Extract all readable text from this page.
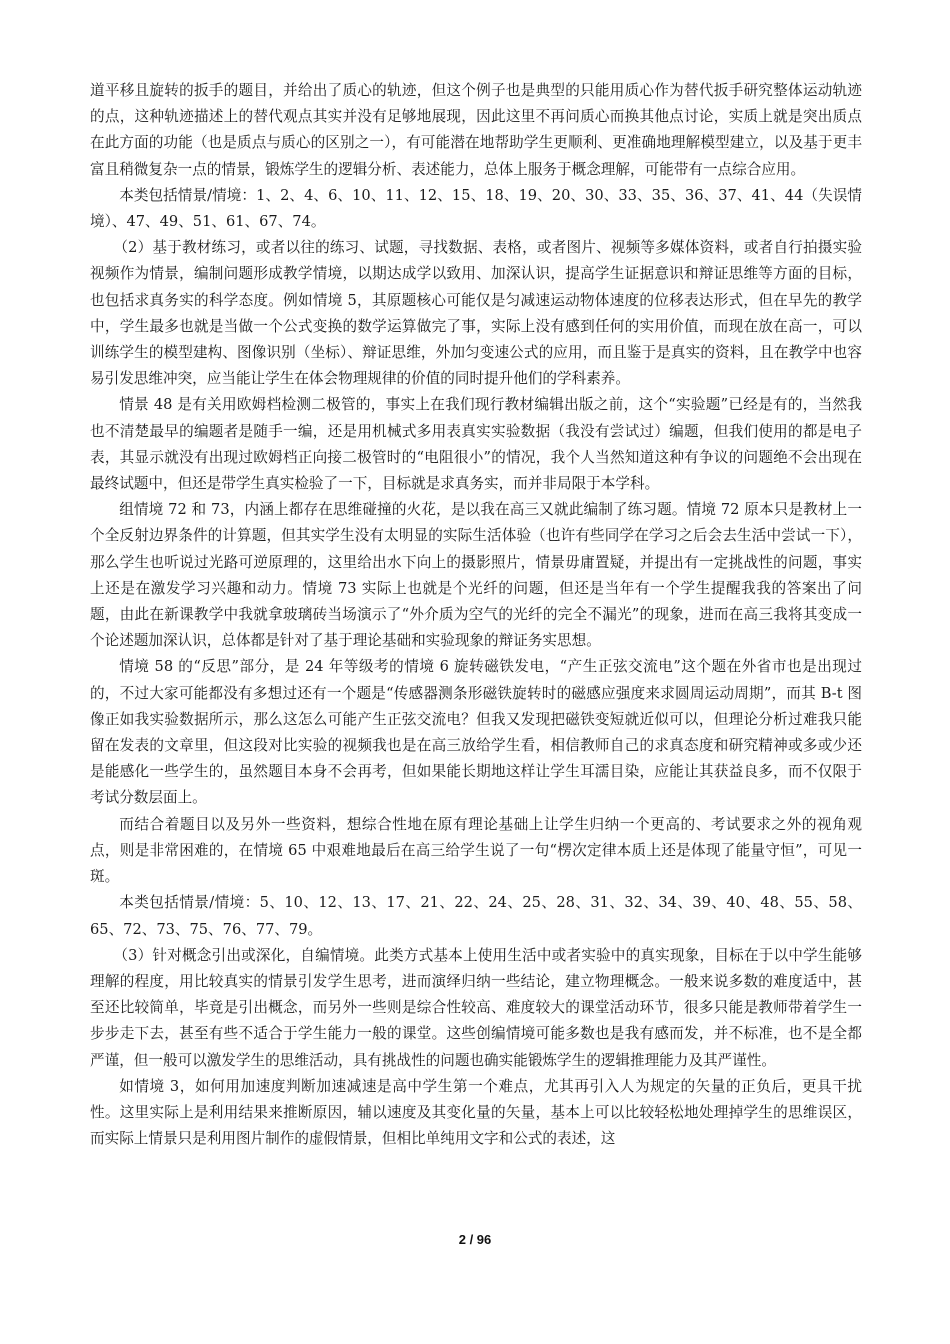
道平移且旋转的扳手的题目，并给出了质心的轨迹，但这个例子也是典型的只能用质心作为替代扳手研究整体运动轨迹的点，这种轨迹描述上的替代观点其实并没有足够地展现，因此这里不再问质心而换其他点讨论，实质上就是突出质点在此方面的功能（也是质点与质心的区别之一），有可能潜在地帮助学生更顺利、更准确地理解模型建立，以及基于更丰富且稍微复杂一点的情景，锻炼学生的逻辑分析、表述能力，总体上服务于概念理解，可能带有一点综合应用。

本类包括情景/情境：1、2、4、6、10、11、12、15、18、19、20、30、33、35、36、37、41、44（失误情境）、47、49、51、61、67、74。

（2）基于教材练习，或者以往的练习、试题，寻找数据、表格，或者图片、视频等多媒体资料，或者自行拍摄实验视频作为情景，编制问题形成教学情境，以期达成学以致用、加深认识，提高学生证据意识和辩证思维等方面的目标，也包括求真务实的科学态度。例如情境 5，其原题核心可能仅是匀减速运动物体速度的位移表达形式，但在早先的教学中，学生最多也就是当做一个公式变换的数学运算做完了事，实际上没有感到任何的实用价值，而现在放在高一，可以训练学生的模型建构、图像识别（坐标）、辩证思维，外加匀变速公式的应用，而且鉴于是真实的资料，且在教学中也容易引发思维冲突，应当能让学生在体会物理规律的价值的同时提升他们的学科素养。

情景 48 是有关用欧姆档检测二极管的，事实上在我们现行教材编辑出版之前，这个“实验题”已经是有的，当然我也不清楚最早的编题者是随手一编，还是用机械式多用表真实实验数据（我没有尝试过）编题，但我们使用的都是电子表，其显示就没有出现过欧姆档正向接二极管时的“电阻很小”的情况，我个人当然知道这种有争议的问题绝不会出现在最终试题中，但还是带学生真实检验了一下，目标就是求真务实，而并非局限于本学科。

组情境 72 和 73，内涵上都存在思维碰撞的火花，是以我在高三又就此编制了练习题。情境 72 原本只是教材上一个全反射边界条件的计算题，但其实学生没有太明显的实际生活体验（也许有些同学在学习之后会去生活中尝试一下），那么学生也听说过光路可逆原理的，这里给出水下向上的摄影照片，情景毋庸置疑，并提出有一定挑战性的问题，事实上还是在激发学习兴趣和动力。情境 73 实际上也就是个光纤的问题，但还是当年有一个学生提醒我我的答案出了问题，由此在新课教学中我就拿玻璃砖当场演示了“外介质为空气的光纤的完全不漏光”的现象，进而在高三我将其变成一个论述题加深认识，总体都是针对了基于理论基础和实验现象的辩证务实思想。

情境 58 的“反思”部分，是 24 年等级考的情境 6 旋转磁铁发电，“产生正弦交流电”这个题在外省市也是出现过的，不过大家可能都没有多想过还有一个题是“传感器测条形磁铁旋转时的磁感应强度来求圆周运动周期”，而其 B-t 图像正如我实验数据所示，那么这怎么可能产生正弦交流电？但我又发现把磁铁变短就近似可以，但理论分析过难我只能留在发表的文章里，但这段对比实验的视频我也是在高三放给学生看，相信教师自己的求真态度和研究精神或多或少还是能感化一些学生的，虽然题目本身不会再考，但如果能长期地这样让学生耳濡目染，应能让其获益良多，而不仅限于考试分数层面上。

而结合着题目以及另外一些资料，想综合性地在原有理论基础上让学生归纳一个更高的、考试要求之外的视角观点，则是非常困难的，在情境 65 中艰难地最后在高三给学生说了一句“楞次定律本质上还是体现了能量守恒”，可见一斑。

本类包括情景/情境：5、10、12、13、17、21、22、24、25、28、31、32、34、39、40、48、55、58、65、72、73、75、76、77、79。

（3）针对概念引出或深化，自编情境。此类方式基本上使用生活中或者实验中的真实现象，目标在于以中学生能够理解的程度，用比较真实的情景引发学生思考，进而演绎归纳一些结论，建立物理概念。一般来说多数的难度适中，甚至还比较简单，毕竟是引出概念，而另外一些则是综合性较高、难度较大的课堂活动环节，很多只能是教师带着学生一步步走下去，甚至有些不适合于学生能力一般的课堂。这些创编情境可能多数也是我有感而发，并不标准，也不是全都严谨，但一般可以激发学生的思维活动，具有挑战性的问题也确实能锻炼学生的逻辑推理能力及其严谨性。

如情境 3，如何用加速度判断加速减速是高中学生第一个难点，尤其再引入人为规定的矢量的正负后，更具干扰性。这里实际上是利用结果来推断原因，辅以速度及其变化量的矢量，基本上可以比较轻松地处理掉学生的思维误区，而实际上情景只是利用图片制作的虚假情景，但相比单纯用文字和公式的表述，这

2 / 96
